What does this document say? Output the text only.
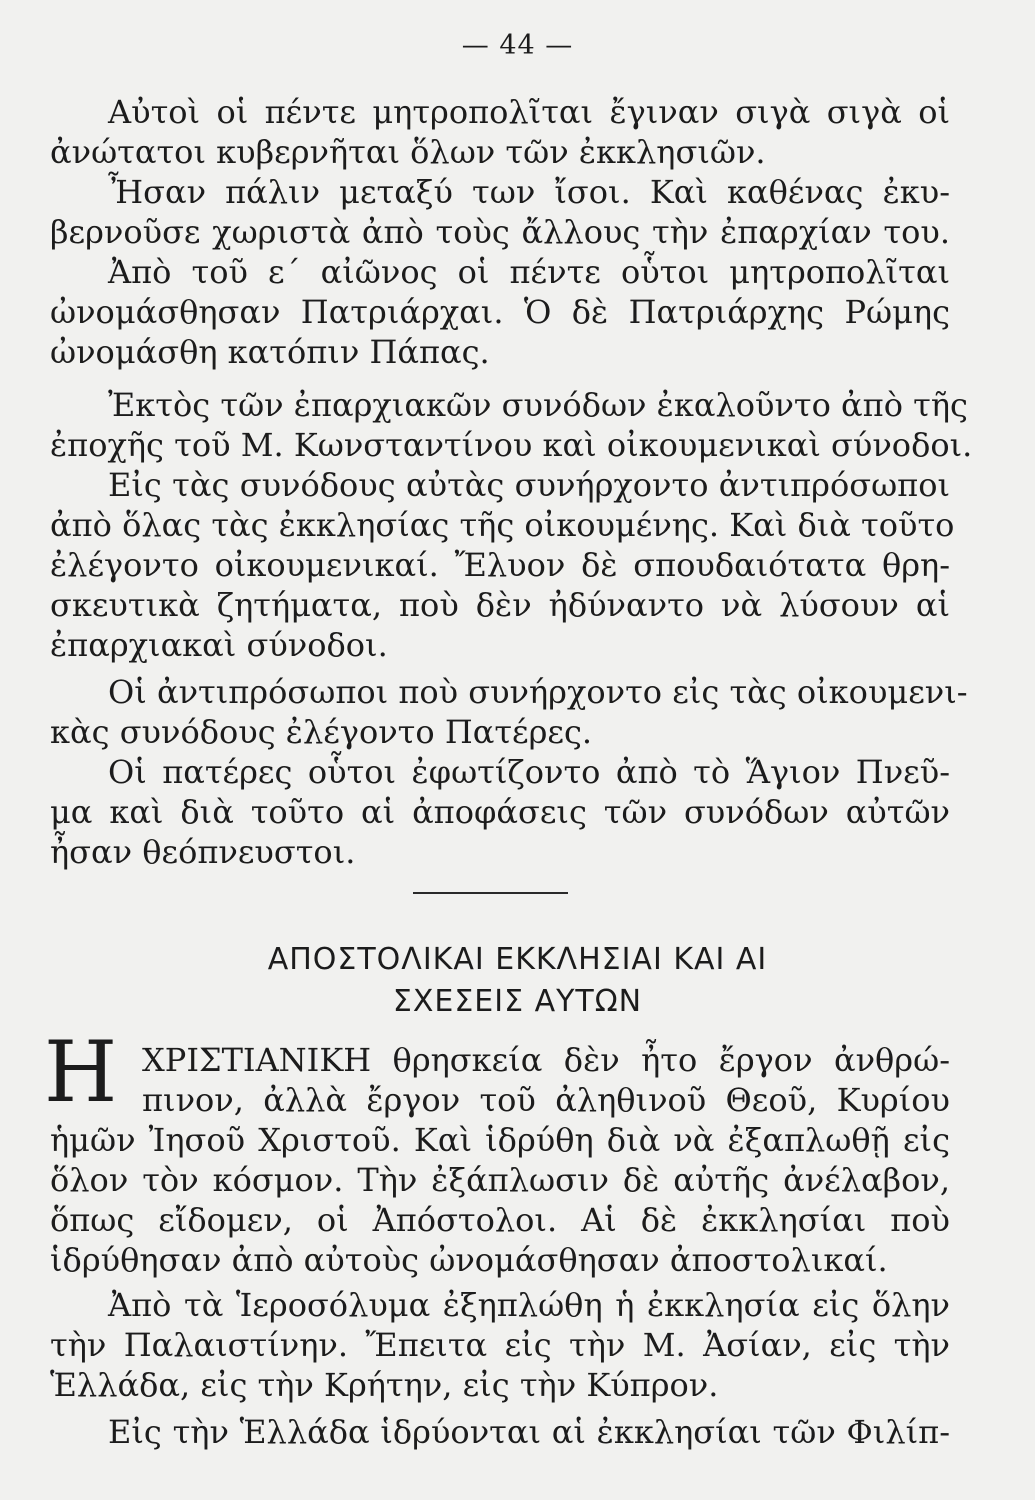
— 44 —
Αὐτοὶ οἱ πέντε μητροπολῖται ἔγιναν σιγὰ σιγὰ οἱ
ἀνώτατοι κυβερνῆται ὅλων τῶν ἐκκλησιῶν.
Ἦσαν πάλιν μεταξύ των ἴσοι. Καὶ καθένας ἐκυ-
βερνοῦσε χωριστὰ ἀπὸ τοὺς ἄλλους τὴν ἐπαρχίαν του.
Ἀπὸ τοῦ ε΄ αἰῶνος οἱ πέντε οὗτοι μητροπολῖται
ὠνομάσθησαν Πατριάρχαι. Ὁ δὲ Πατριάρχης Ρώμης
ὠνομάσθη κατόπιν Πάπας.
Ἐκτὸς τῶν ἐπαρχιακῶν συνόδων ἐκαλοῦντο ἀπὸ τῆς
ἐποχῆς τοῦ Μ. Κωνσταντίνου καὶ οἰκουμενικαὶ σύνοδοι.
Εἰς τὰς συνόδους αὐτὰς συνήρχοντο ἀντιπρόσωποι
ἀπὸ ὅλας τὰς ἐκκλησίας τῆς οἰκουμένης. Καὶ διὰ τοῦτο
ἐλέγοντο οἰκουμενικαί. Ἔλυον δὲ σπουδαιότατα θρη-
σκευτικὰ ζητήματα, ποὺ δὲν ἠδύναντο νὰ λύσουν αἱ
ἐπαρχιακαὶ σύνοδοι.
Οἱ ἀντιπρόσωποι ποὺ συνήρχοντο εἰς τὰς οἰκουμενι-
κὰς συνόδους ἐλέγοντο Πατέρες.
Οἱ πατέρες οὗτοι ἐφωτίζοντο ἀπὸ τὸ Ἅγιον Πνεῦ-
μα καὶ διὰ τοῦτο αἱ ἀποφάσεις τῶν συνόδων αὐτῶν
ἦσαν θεόπνευστοι.
ΑΠΟΣΤΟΛΙΚΑΙ ΕΚΚΛΗΣΙΑΙ ΚΑΙ ΑΙ
ΣΧΕΣΕΙΣ ΑΥΤΩΝ
Η ΧΡΙΣΤΙΑΝΙΚΗ θρησκεία δὲν ἦτο ἔργον ἀνθρώ-
πινον, ἀλλὰ ἔργον τοῦ ἀληθινοῦ Θεοῦ, Κυρίου
ἡμῶν Ἰησοῦ Χριστοῦ. Καὶ ἱδρύθη διὰ νὰ ἐξαπλωθῇ εἰς
ὅλον τὸν κόσμον. Τὴν ἐξάπλωσιν δὲ αὐτῆς ἀνέλαβον,
ὅπως εἴδομεν, οἱ Ἀπόστολοι. Αἱ δὲ ἐκκλησίαι ποὺ
ἱδρύθησαν ἀπὸ αὐτοὺς ὠνομάσθησαν ἀποστολικαί.
Ἀπὸ τὰ Ἱεροσόλυμα ἐξηπλώθη ἡ ἐκκλησία εἰς ὅλην
τὴν Παλαιστίνην. Ἔπειτα εἰς τὴν Μ. Ἀσίαν, εἰς τὴν
Ἑλλάδα, εἰς τὴν Κρήτην, εἰς τὴν Κύπρον.
Εἰς τὴν Ἑλλάδα ἱδρύονται αἱ ἐκκλησίαι τῶν Φιλίπ-
